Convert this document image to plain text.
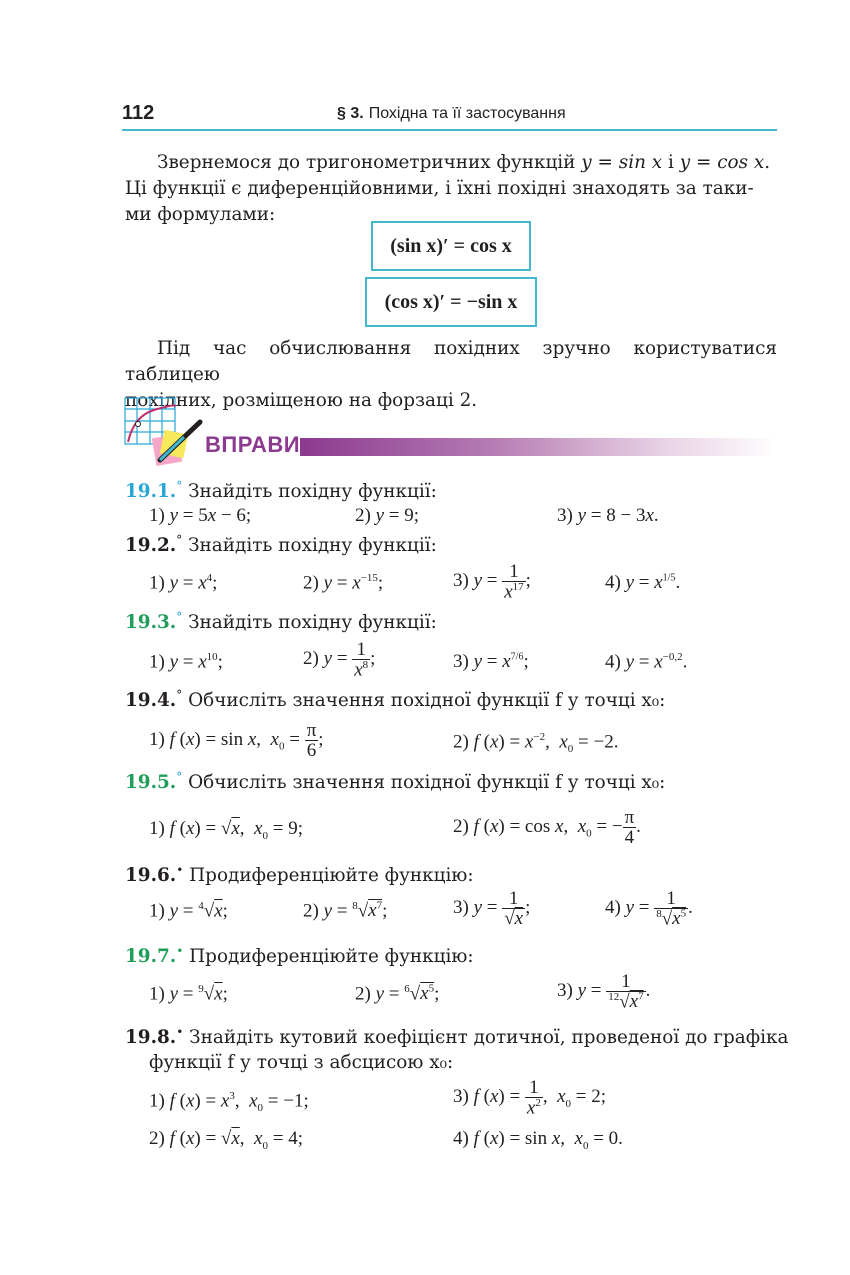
112	§ 3. Похідна та її застосування
Звернемося до тригонометричних функцій y = sin x і y = cos x.
Ці функції є диференційовними, і їхні похідні знаходять за таки-
ми формулами:
(sin x)′ = cos x
(cos x)′ = −sin x
Під час обчислювання похідних зручно користуватися таблицею
похідних, розміщеною на форзаці 2.
ВПРАВИ
19.1.° Знайдіть похідну функції:
1) y = 5x − 6;	2) y = 9;	3) y = 8 − 3x.
19.2.° Знайдіть похідну функції:
1) $y = x^4$;	2) $y = x^{-15}$;	3) $y = \frac{1}{x^{17}}$ ;	4) $y = x^{1/5}$.
19.3.° Знайдіть похідну функції:
1) $y = x^{10}$;	2) $y = \frac{1}{x^8}$ ;	3) $y = x^{7/6}$;	4) $y = x^{-0,2}$.
19.4.° Обчисліть значення похідної функції f у точці x₀:
1) f (x) = sin x,  $x_0 = \frac{\pi}{6}$ ;	2) f $(x) = x^{-2}$,  $x_0 = -2$.
19.5.° Обчисліть значення похідної функції f у точці x₀:
1) f (x) = √x,  $x_0 = 9$;	2) f (x) = cos x,  $x_0$ = − $\frac{\pi}{4}$ .
19.6.• Продиференціюйте функцію:
1) y = $^4$√x;	2) $y = ^8√x^7$;	3) $y = \frac{1}{√x}$ ;	4) $y = \frac{1}{^8√x^5}$ .
19.7.• Продиференціюйте функцію:
1) y = $^9$√x;	2) $y = ^6√x^5$;	3) $y = \frac{1}{^{12}√x^7}$ .
19.8.• Знайдіть кутовий коефіцієнт дотичної, проведеної до графіка
функції f у точці з абсцисою x₀:
1) f $(x) = x^3$,  $x_0 = -1$;	3) f $(x) = \frac{1}{x^2}$ ,  $x_0 = 2$;
2) f (x) = √x,  $x_0 = 4$;	4) f (x) = sin x,  $x_0 = 0$.
